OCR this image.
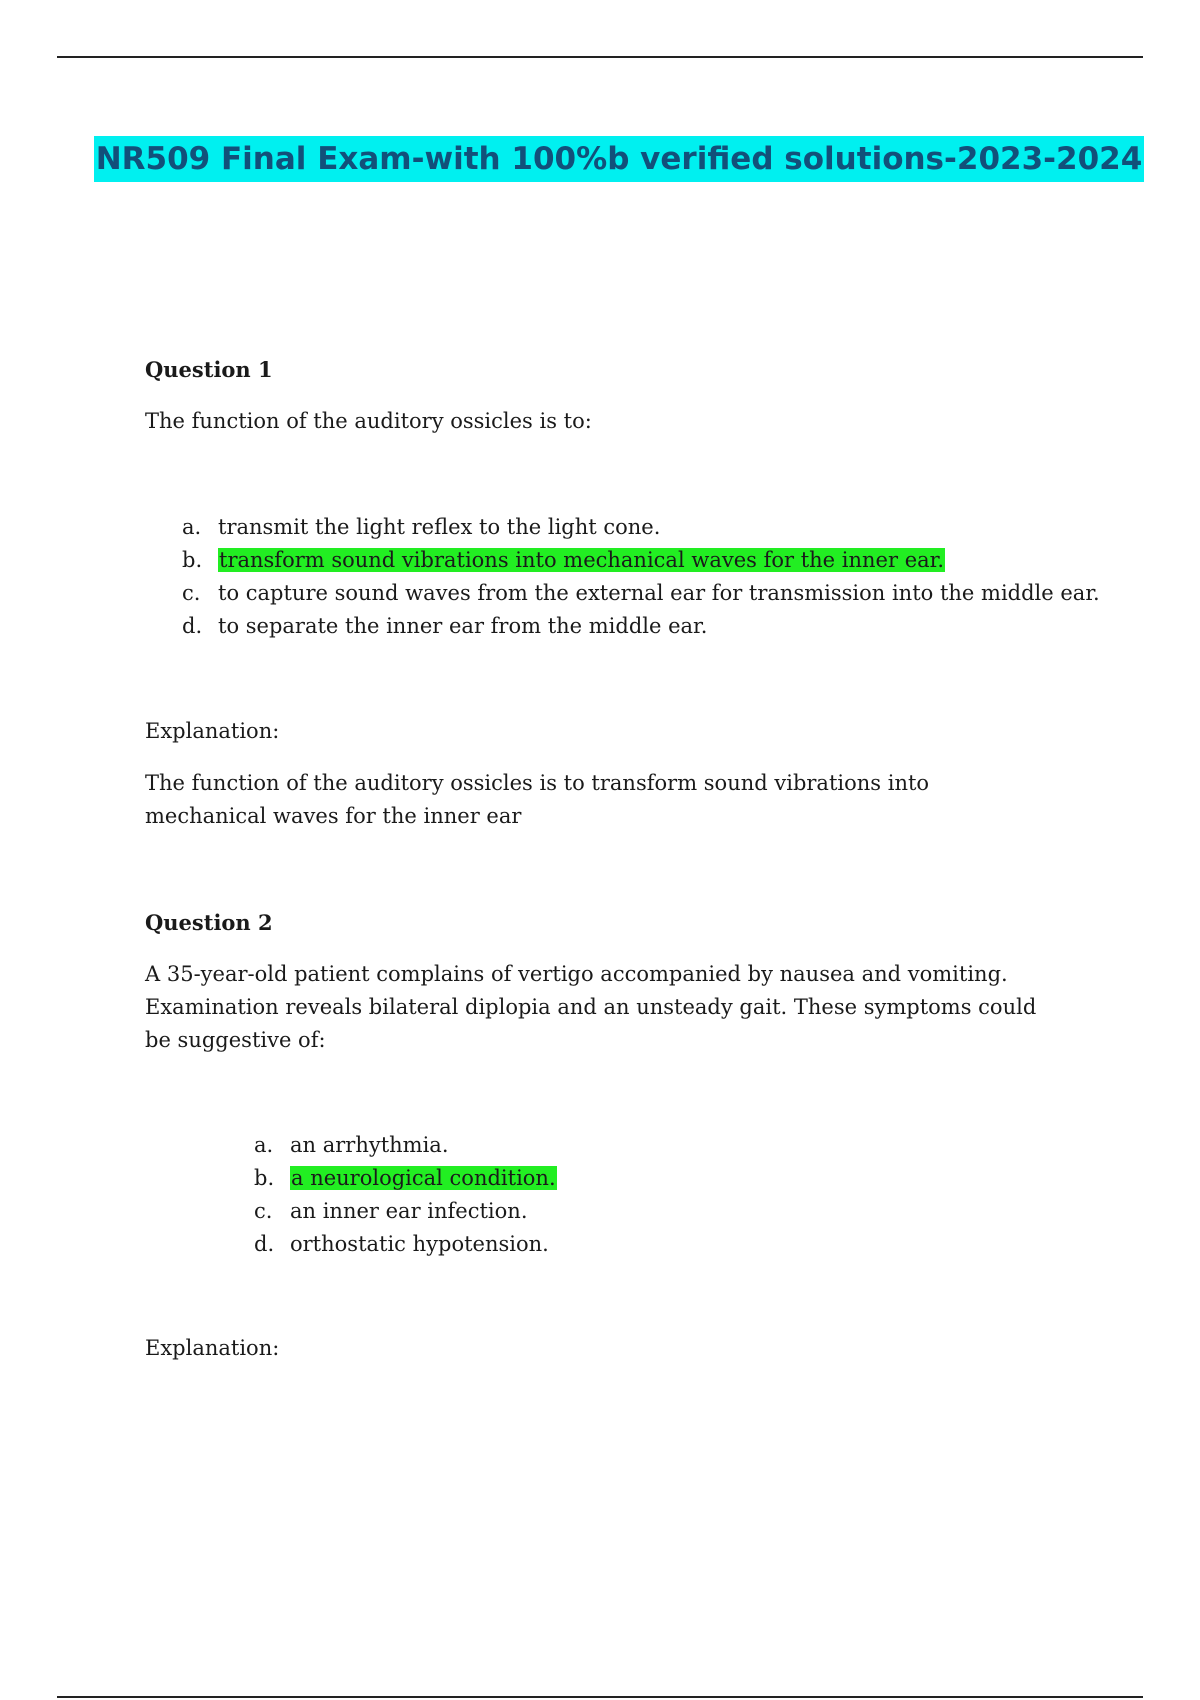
NR509 Final Exam-with 100%b verified solutions-2023-2024
Question 1
The function of the auditory ossicles is to:
a. transmit the light reflex to the light cone.
b. transform sound vibrations into mechanical waves for the inner ear.
c. to capture sound waves from the external ear for transmission into the middle ear.
d. to separate the inner ear from the middle ear.
Explanation:
The function of the auditory ossicles is to transform sound vibrations into mechanical waves for the inner ear
Question 2
A 35-year-old patient complains of vertigo accompanied by nausea and vomiting. Examination reveals bilateral diplopia and an unsteady gait. These symptoms could be suggestive of:
a. an arrhythmia.
b. a neurological condition.
c. an inner ear infection.
d. orthostatic hypotension.
Explanation:
